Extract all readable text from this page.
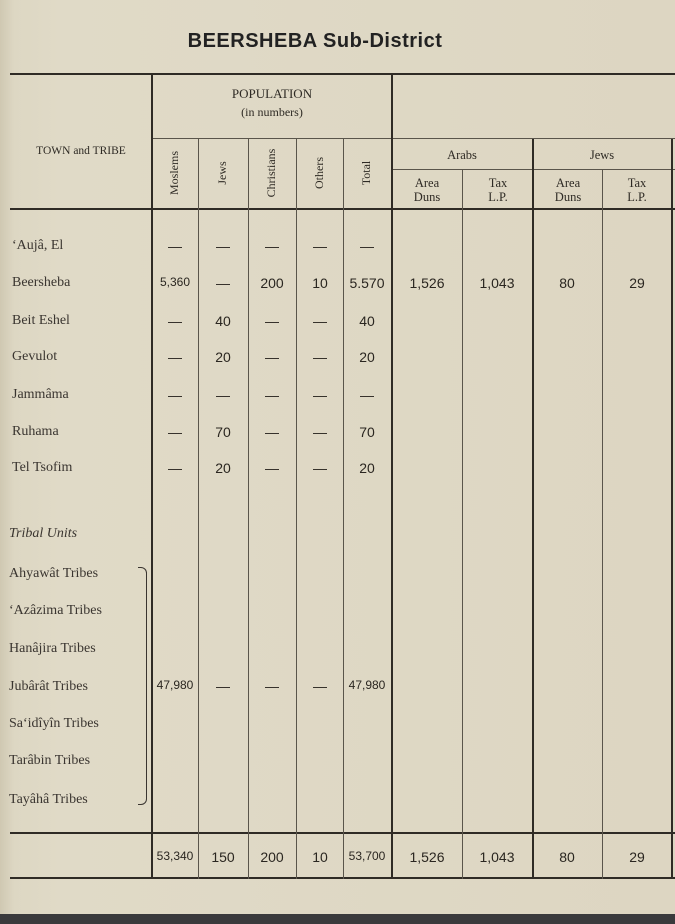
BEERSHEBA Sub-District
TOWN and TRIBE
POPULATION
(in numbers)
Moslems	Jews	Christians	Others	Total
Arabs	Jews
Area
Duns
Tax
L.P.
Area
Duns
Tax
L.P.
Tribal Units
Ahyawât Tribes
‘Azâzima Tribes
Hanâjira Tribes
Jubârât Tribes
Sa‘idîyîn Tribes
Tarâbin Tribes
Tayâhâ Tribes
‘Aujâ, El	—	—	—	—	—
Beersheba	5,360	—	200	10	5.570	1,526	1,043	80	29
Beit Eshel	—	40	—	—	40
Gevulot	—	20	—	—	20
Jammâma	—	—	—	—	—
Ruhama	—	70	—	—	70
Tel Tsofim	—	20	—	—	20
47,980	—	—	—	47,980
53,340	150	200	10	53,700	1,526	1,043	80	29
